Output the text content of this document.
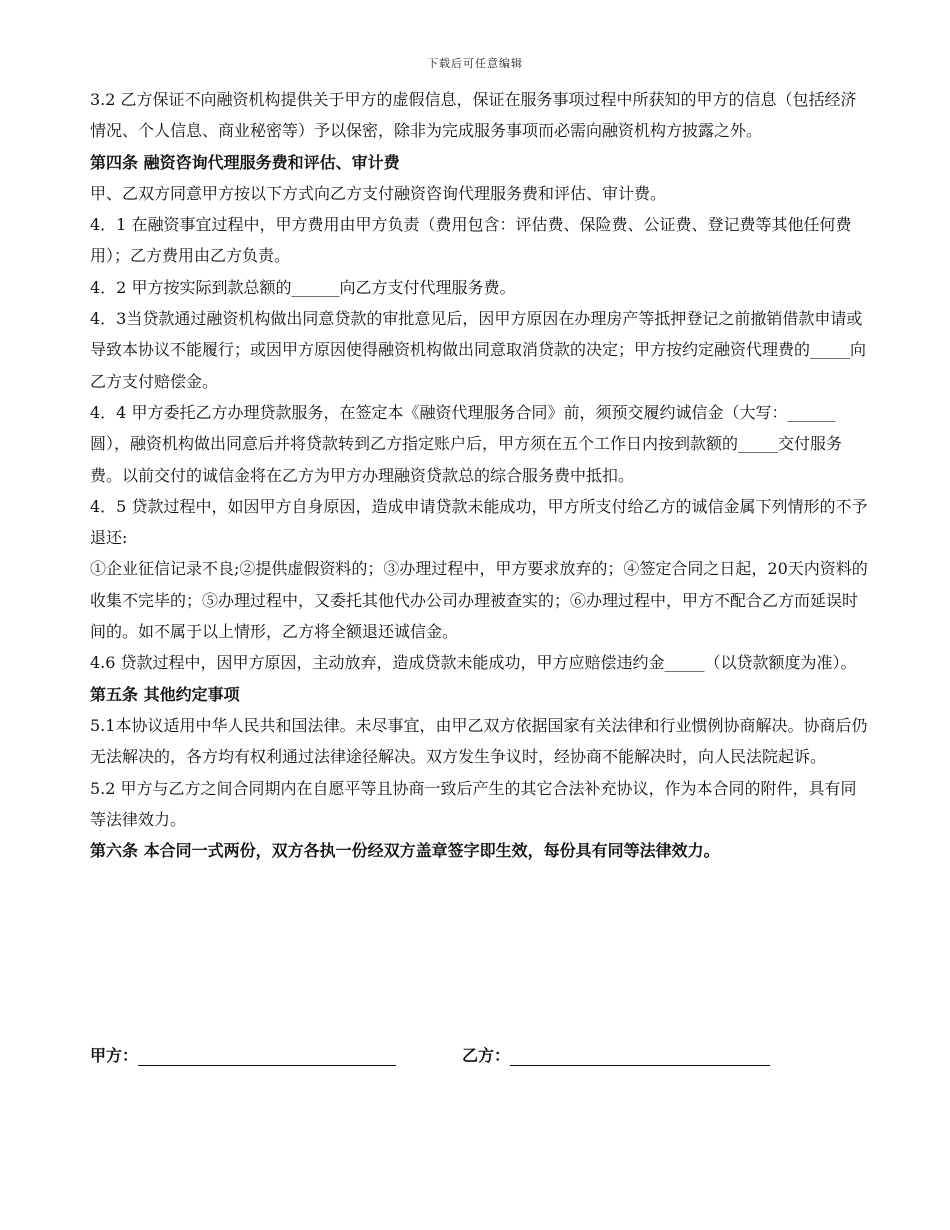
下载后可任意编辑

3.2 乙方保证不向融资机构提供关于甲方的虚假信息，保证在服务事项过程中所获知的甲方的信息（包括经济情况、个人信息、商业秘密等）予以保密，除非为完成服务事项而必需向融资机构方披露之外。

第四条 融资咨询代理服务费和评估、审计费

甲、乙双方同意甲方按以下方式向乙方支付融资咨询代理服务费和评估、审计费。

4．1 在融资事宜过程中，甲方费用由甲方负责（费用包含：评估费、保险费、公证费、登记费等其他任何费用）；乙方费用由乙方负责。

4．2 甲方按实际到款总额的______向乙方支付代理服务费。

4．3当贷款通过融资机构做出同意贷款的审批意见后，因甲方原因在办理房产等抵押登记之前撤销借款申请或导致本协议不能履行；或因甲方原因使得融资机构做出同意取消贷款的决定；甲方按约定融资代理费的_____向乙方支付赔偿金。

4．4 甲方委托乙方办理贷款服务，在签定本《融资代理服务合同》前，须预交履约诚信金（大写：______圆），融资机构做出同意后并将贷款转到乙方指定账户后，甲方须在五个工作日内按到款额的_____交付服务费。以前交付的诚信金将在乙方为甲方办理融资贷款总的综合服务费中抵扣。

4．5 贷款过程中，如因甲方自身原因，造成申请贷款未能成功，甲方所支付给乙方的诚信金属下列情形的不予退还:

①企业征信记录不良;②提供虚假资料的；③办理过程中，甲方要求放弃的；④签定合同之日起，20天内资料的收集不完毕的；⑤办理过程中，又委托其他代办公司办理被查实的；⑥办理过程中，甲方不配合乙方而延误时间的。如不属于以上情形，乙方将全额退还诚信金。

4.6 贷款过程中，因甲方原因，主动放弃，造成贷款未能成功，甲方应赔偿违约金_____（以贷款额度为准）。

第五条 其他约定事项

5.1本协议适用中华人民共和国法律。未尽事宜，由甲乙双方依据国家有关法律和行业惯例协商解决。协商后仍无法解决的，各方均有权利通过法律途径解决。双方发生争议时，经协商不能解决时，向人民法院起诉。

5.2 甲方与乙方之间合同期内在自愿平等且协商一致后产生的其它合法补充协议，作为本合同的附件，具有同等法律效力。

第六条 本合同一式两份，双方各执一份经双方盖章签字即生效，每份具有同等法律效力。

甲方：	乙方：
